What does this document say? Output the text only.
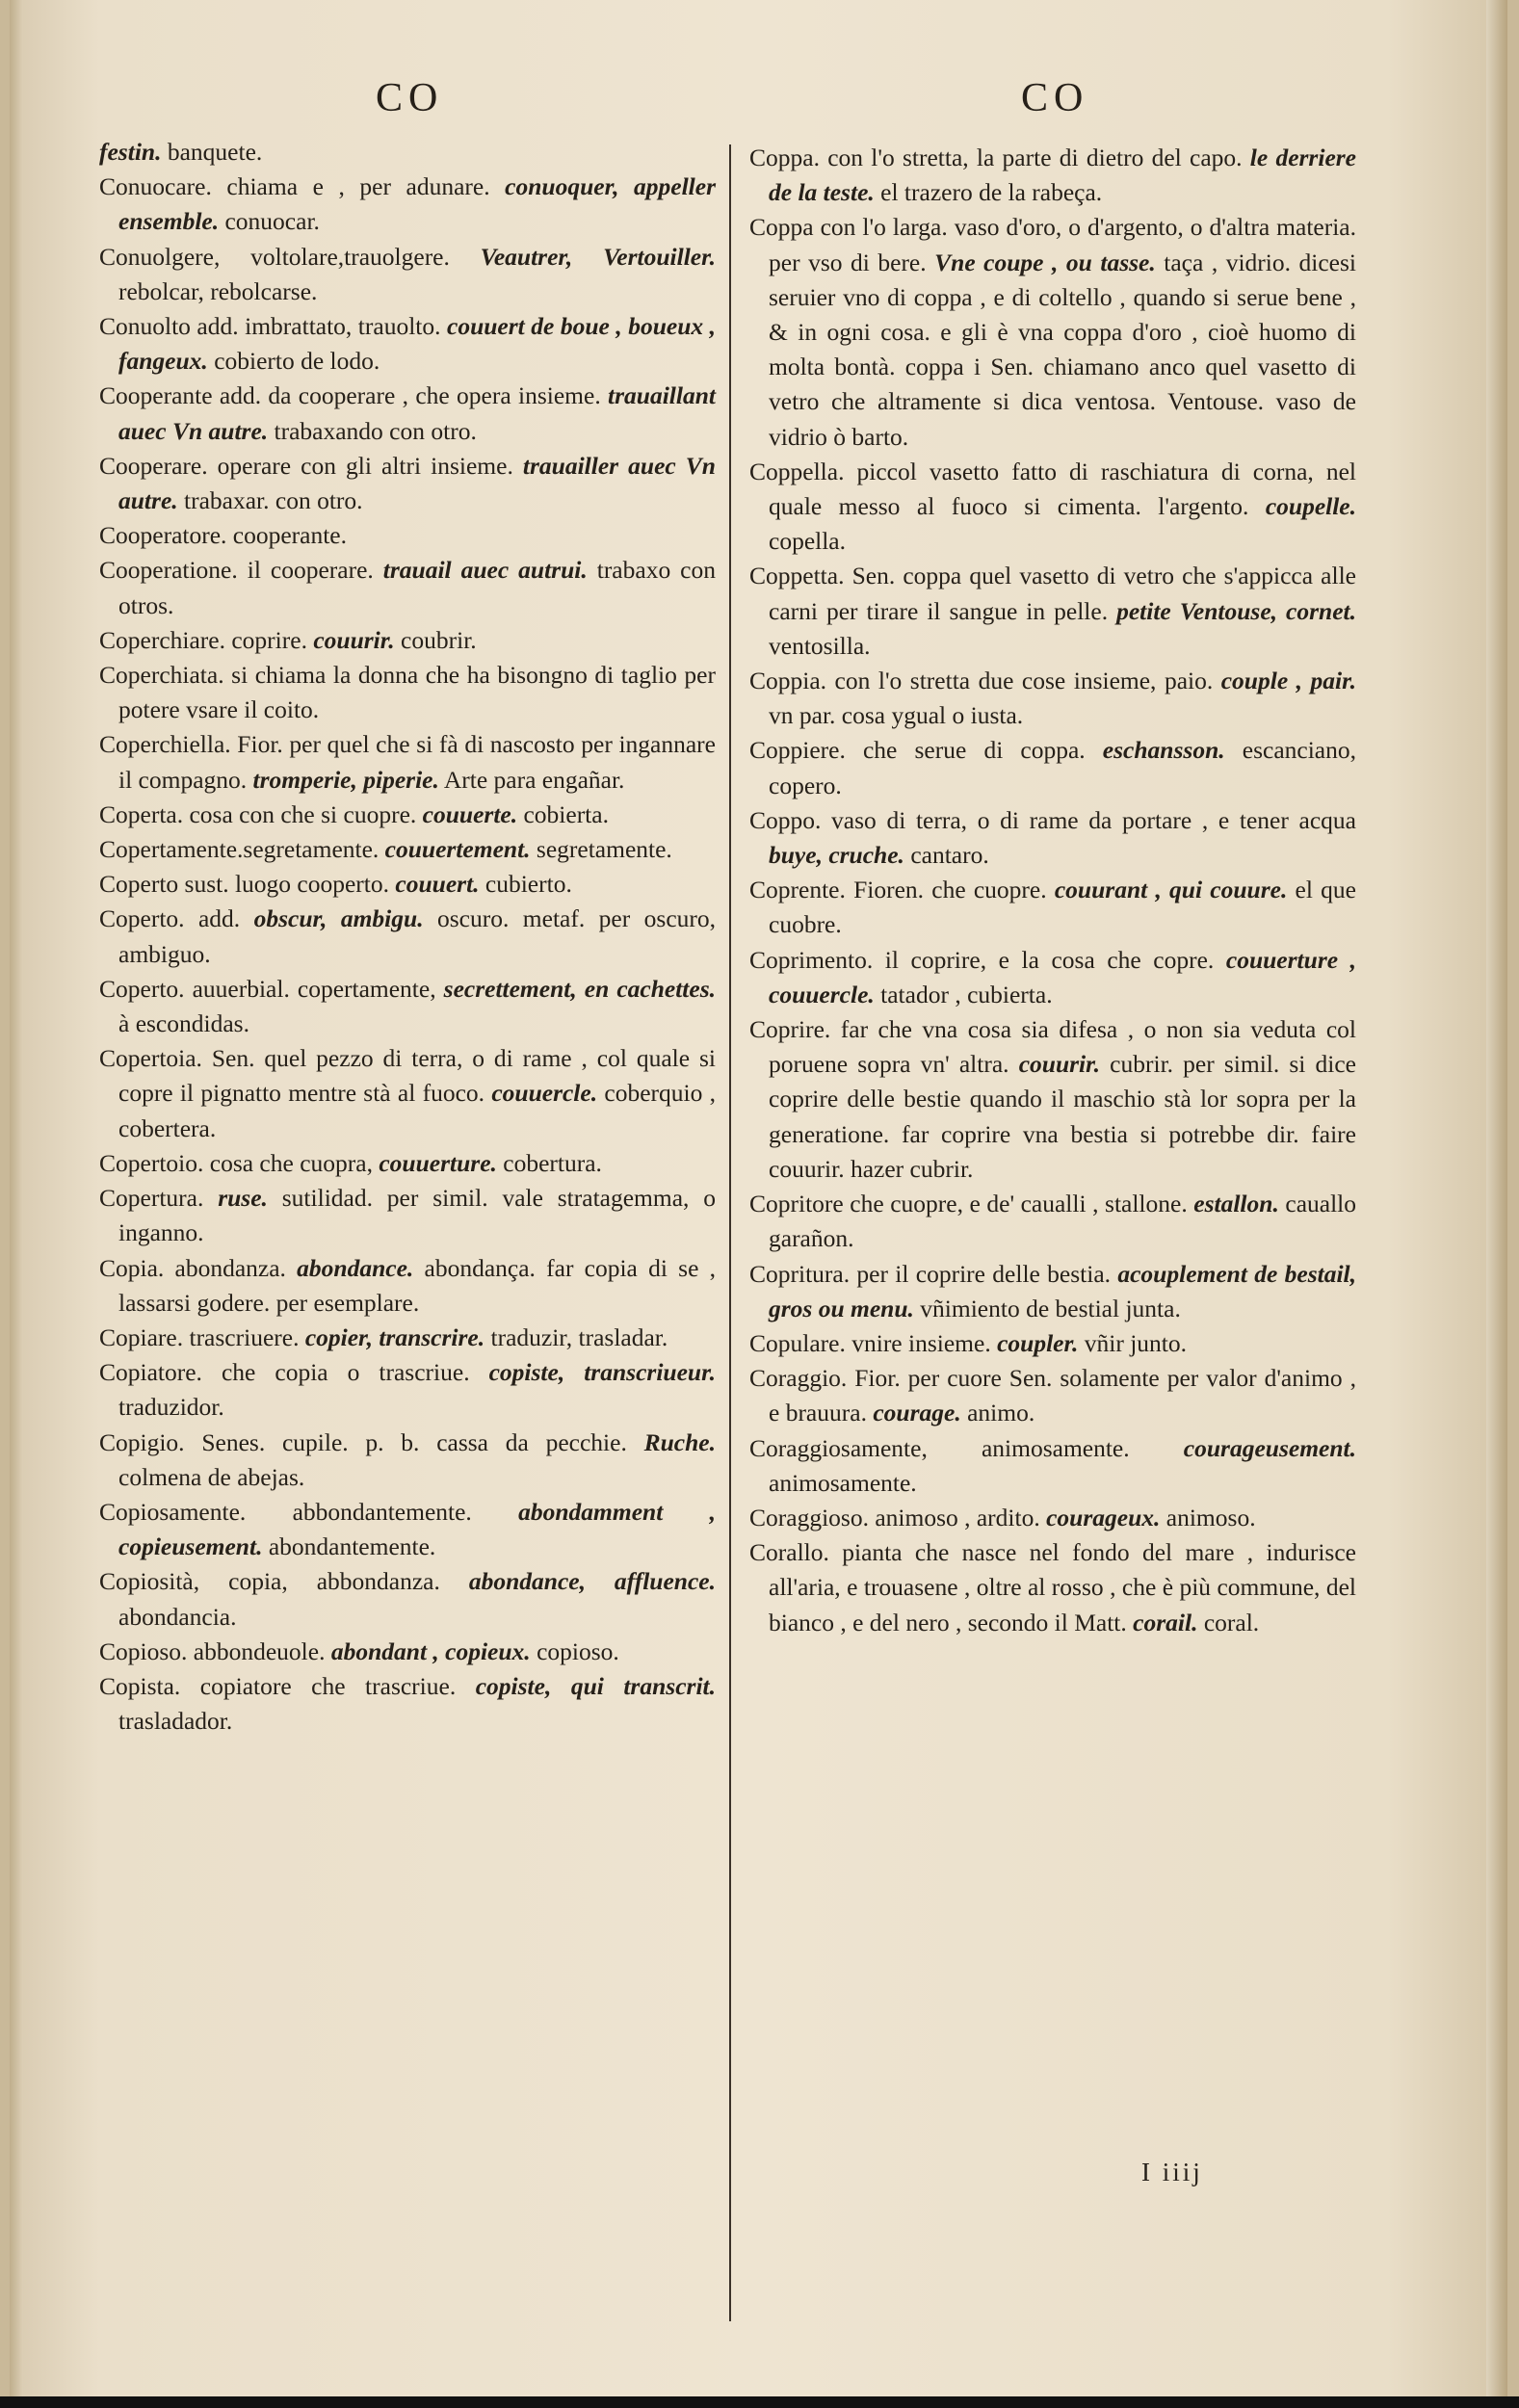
CO	CO
festin. banquete.
Conuocare. chiama e , per adunare. conuoquer, appeller ensemble. conuocar.
Conuolgere, voltolare,trauolgere. Veautrer, Vertouiller. rebolcar, rebolcarse.
Conuolto add. imbrattato, trauolto. couuert de boue , boueux , fangeux. cobierto de lodo.
Cooperante add. da cooperare , che opera insieme. trauaillant auec Vn autre. trabaxando con otro.
Cooperare. operare con gli altri insieme. trauailler auec Vn autre. trabaxar. con otro.
Cooperatore. cooperante.
Cooperatione. il cooperare. trauail auec autrui. trabaxo con otros.
Coperchiare. coprire. couurir. coubrir.
Coperchiata. si chiama la donna che ha bisongno di taglio per potere vsare il coito.
Coperchiella. Fior. per quel che si fà di nascosto per ingannare il compagno. tromperie, piperie. Arte para engañar.
Coperta. cosa con che si cuopre. couuerte. cobierta.
Copertamente.segretamente. couuertement. segretamente.
Coperto sust. luogo cooperto. couuert. cubierto.
Coperto. add. obscur, ambigu. oscuro. metaf. per oscuro, ambiguo.
Coperto. auuerbial. copertamente, secrettement, en cachettes. à escondidas.
Copertoia. Sen. quel pezzo di terra, o di rame , col quale si copre il pignatto mentre stà al fuoco. couuercle. coberquio , cobertera.
Copertoio. cosa che cuopra, couuerture. cobertura.
Copertura. ruse. sutilidad. per simil. vale stratagemma, o inganno.
Copia. abondanza. abondance. abondança. far copia di se , lassarsi godere. per esemplare.
Copiare. trascriuere. copier, transcrire. traduzir, trasladar.
Copiatore. che copia o trascriue. copiste, transcriueur. traduzidor.
Copigio. Senes. cupile. p. b. cassa da pecchie. Ruche. colmena de abejas.
Copiosamente. abbondantemente. abondamment , copieusement. abondantemente.
Copiosità, copia, abbondanza. abondance, affluence. abondancia.
Copioso. abbondeuole. abondant , copieux. copioso.
Copista. copiatore che trascriue. copiste, qui transcrit. trasladador.
Coppa. con l'o stretta, la parte di dietro del capo. le derriere de la teste. el trazero de la rabeça.
Coppa con l'o larga. vaso d'oro, o d'argento, o d'altra materia. per vso di bere. Vne coupe , ou tasse. taça , vidrio. dicesi seruier vno di coppa , e di coltello , quando si serue bene , & in ogni cosa. e gli è vna coppa d'oro , cioè huomo di molta bontà. coppa i Sen. chiamano anco quel vasetto di vetro che altramente si dica ventosa. Ventouse. vaso de vidrio ò barto.
Coppella. piccol vasetto fatto di raschiatura di corna, nel quale messo al fuoco si cimenta. l'argento. coupelle. copella.
Coppetta. Sen. coppa quel vasetto di vetro che s'appicca alle carni per tirare il sangue in pelle. petite Ventouse, cornet. ventosilla.
Coppia. con l'o stretta due cose insieme, paio. couple , pair. vn par. cosa ygual o iusta.
Coppiere. che serue di coppa. eschansson. escanciano, copero.
Coppo. vaso di terra, o di rame da portare , e tener acqua buye, cruche. cantaro.
Coprente. Fioren. che cuopre. couurant , qui couure. el que cuobre.
Coprimento. il coprire, e la cosa che copre. couuerture , couuercle. tatador , cubierta.
Coprire. far che vna cosa sia difesa , o non sia veduta col poruene sopra vn' altra. couurir. cubrir. per simil. si dice coprire delle bestie quando il maschio stà lor sopra per la generatione. far coprire vna bestia si potrebbe dir. faire couurir. hazer cubrir.
Copritore che cuopre, e de' caualli , stallone. estallon. cauallo garañon.
Copritura. per il coprire delle bestia. acouplement de bestail, gros ou menu. vñimiento de bestial junta.
Copulare. vnire insieme. coupler. vñir junto.
Coraggio. Fior. per cuore Sen. solamente per valor d'animo , e brauura. courage. animo.
Coraggiosamente, animosamente. courageusement. animosamente.
Coraggioso. animoso , ardito. courageux. animoso.
Corallo. pianta che nasce nel fondo del mare , indurisce all'aria, e trouasene , oltre al rosso , che è più commune, del bianco , e del nero , secondo il Matt. corail. coral.
I iiij
